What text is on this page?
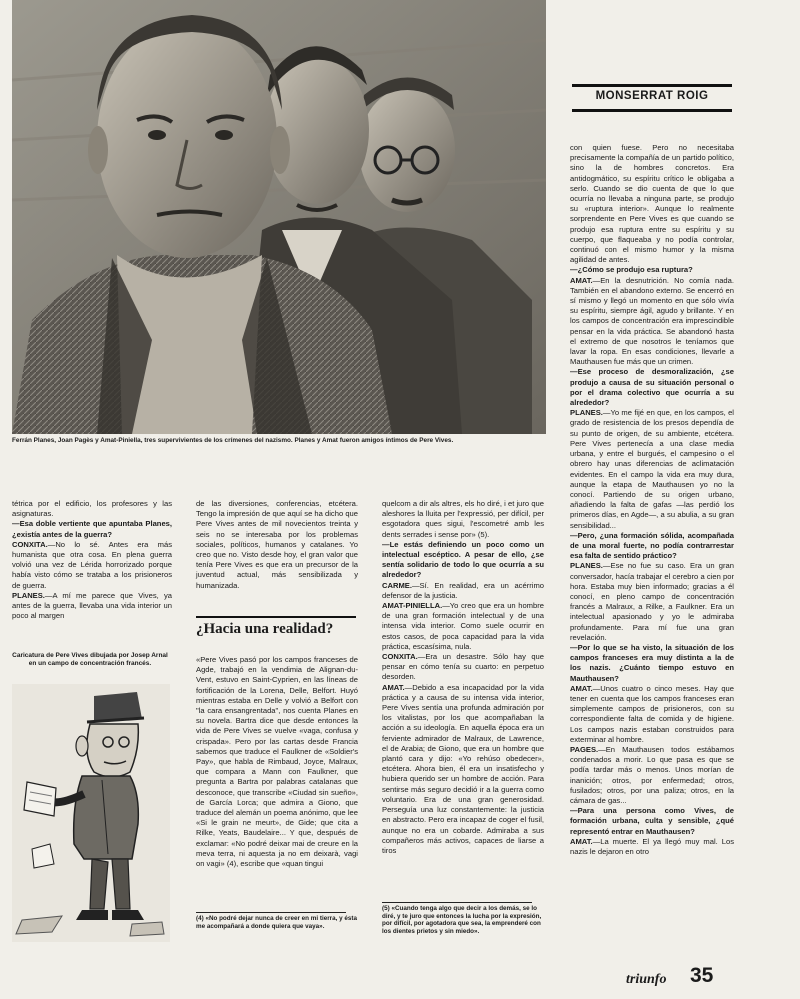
Ferrán Planes, Joan Pagès y Amat-Piniella, tres supervivientes de los crímenes del nazismo. Planes y Amat fueron amigos íntimos de Pere Vives.
MONSERRAT ROIG

con quien fuese. Pero no necesitaba precisamente la compañía de un partido político, sino la de hombres concretos. Era antidogmático, su espíritu crítico le obligaba a serlo. Cuando se dio cuenta de que lo que ocurría no llevaba a ninguna parte, se produjo su «ruptura interior». Aunque lo realmente sorprendente en Pere Vives es que cuando se produjo esa ruptura entre su espíritu y su cuerpo, que flaqueaba y no podía controlar, continuó con el mismo humor y la misma agilidad de antes.

—¿Cómo se produjo esa ruptura?

AMAT.—En la desnutrición. No comía nada. También en el abandono externo. Se encerró en sí mismo y llegó un momento en que sólo vivía su espíritu, siempre ágil, agudo y brillante. Y en los campos de concentración era imprescindible pensar en la vida práctica. Se abandonó hasta el extremo de que nosotros le teníamos que lavar la ropa. En esas condiciones, llevarle a Mauthausen fue más que un crimen.

—Ese proceso de desmoralización, ¿se produjo a causa de su situación personal o por el drama colectivo que ocurría a su alrededor?

PLANES.—Yo me fijé en que, en los campos, el grado de resistencia de los presos dependía de su punto de origen, de su ambiente, etcétera. Pere Vives pertenecía a una clase media urbana, y entre el burgués, el campesino o el obrero hay unas diferencias de aclimatación evidentes. En el campo la vida era muy dura, aunque la etapa de Mauthausen yo no la conocí. Partiendo de su origen urbano, añadiendo la falta de gafas —las perdió los primeros días, en Agde—, a su abulia, a su gran sensibilidad...

—Pero, ¿una formación sólida, acompañada de una moral fuerte, no podía contrarrestar esa falta de sentido práctico?

PLANES.—Ese no fue su caso. Era un gran conversador, hacía trabajar el cerebro a cien por hora. Estaba muy bien informado; gracias a él conocí, en pleno campo de concentración francés a Malraux, a Rilke, a Faulkner. Era un intelectual apasionado y yo le admiraba profundamente. Para mí fue una gran revelación.

—Por lo que se ha visto, la situación de los campos franceses era muy distinta a la de los nazis. ¿Cuánto tiempo estuvo en Mauthausen?

AMAT.—Unos cuatro o cinco meses. Hay que tener en cuenta que los campos franceses eran simplemente campos de prisioneros, con su correspondiente falta de comida y de higiene. Los campos nazis estaban construidos para exterminar al hombre.

PAGES.—En Mauthausen todos estábamos condenados a morir. Lo que pasa es que se podía tardar más o menos. Unos morían de inanición; otros, por enfermedad; otros, fusilados; otros, por una paliza; otros, en la cámara de gas...

—Para una persona como Vives, de formación urbana, culta y sensible, ¿qué representó entrar en Mauthausen?

AMAT.—La muerte. El ya llegó muy mal. Los nazis le dejaron en otro

tétrica por el edificio, los profesores y las asignaturas.

—Esa doble vertiente que apuntaba Planes, ¿existía antes de la guerra?

CONXITA.—No lo sé. Antes era más humanista que otra cosa. En plena guerra volvió una vez de Lérida horrorizado porque había visto cómo se trataba a los prisioneros de guerra.

PLANES.—A mí me parece que Vives, ya antes de la guerra, llevaba una vida interior un poco al margen

Caricatura de Pere Vives dibujada por Josep Arnal en un campo de concentración francés.

de las diversiones, conferencias, etcétera. Tengo la impresión de que aquí se ha dicho que Pere Vives antes de mil novecientos treinta y seis no se interesaba por los problemas sociales, políticos, humanos y catalanes. Yo creo que no. Visto desde hoy, el gran valor que tenía Pere Vives es que era un precursor de la juventud actual, más sensibilizada y humanizada.

¿Hacia una realidad?

«Pere Vives pasó por los campos franceses de Agde, trabajó en la vendimia de Alignan-du-Vent, estuvo en Saint-Cyprien, en las líneas de fortificación de la Lorena, Delle, Belfort. Huyó mientras estaba en Delle y volvió a Belfort con "la cara ensangrentada", nos cuenta Planes en su novela. Bartra dice que desde entonces la vida de Pere Vives se vuelve «vaga, confusa y crispada». Pero por las cartas desde Francia sabemos que traduce el Faulkner de «Soldier's Pay», que habla de Rimbaud, Joyce, Malraux, que compara a Mann con Faulkner, que pregunta a Bartra por palabras catalanas que desconoce, que transcribe «Ciudad sin sueño», de García Lorca; que admira a Giono, que traduce del alemán un poema anónimo, que lee «Si le grain ne meurt», de Gide; que cita a Rilke, Yeats, Baudelaire... Y que, después de exclamar: «No podré deixar mai de creure en la meva terra, ni aquesta ja no em deixarà, vagi on vagi» (4), escribe que «quan tingui

(4) «No podré dejar nunca de creer en mi tierra, y ésta me acompañará a donde quiera que vaya».

quelcom a dir als altres, els ho diré, i et juro que aleshores la lluita per l'expressió, per difícil, per esgotadora ques sigui, l'escometré amb les dents serrades i sense por» (5).

—Le estás definiendo un poco como un intelectual escéptico. A pesar de ello, ¿se sentía solidario de todo lo que ocurría a su alrededor?

CARME.—Sí. En realidad, era un acérrimo defensor de la justicia.

AMAT-PINIELLA.—Yo creo que era un hombre de una gran formación intelectual y de una intensa vida interior. Como suele ocurrir en estos casos, de poca capacidad para la vida práctica, escasísima, nula.

CONXITA.—Era un desastre. Sólo hay que pensar en cómo tenía su cuarto: en perpetuo desorden.

AMAT.—Debido a esa incapacidad por la vida práctica y a causa de su intensa vida interior, Pere Vives sentía una profunda admiración por los vitalistas, por los que acompañaban la acción a su ideología. En aquella época era un ferviente admirador de Malraux, de Lawrence, el de Arabia; de Giono, que era un hombre que plantó cara y dijo: «Yo rehúso obedecer», etcétera. Ahora bien, él era un insatisfecho y hubiera querido ser un hombre de acción. Para sentirse más seguro decidió ir a la guerra como voluntario. Era de una gran generosidad. Perseguía una luz constantemente: la justicia en abstracto. Pero era incapaz de coger el fusil, aunque no era un cobarde. Admiraba a sus compañeros más activos, capaces de liarse a tiros

(5) «Cuando tenga algo que decir a los demás, se lo diré, y te juro que entonces la lucha por la expresión, por difícil, por agotadora que sea, la emprenderé con los dientes prietos y sin miedo».
triunfo 35
